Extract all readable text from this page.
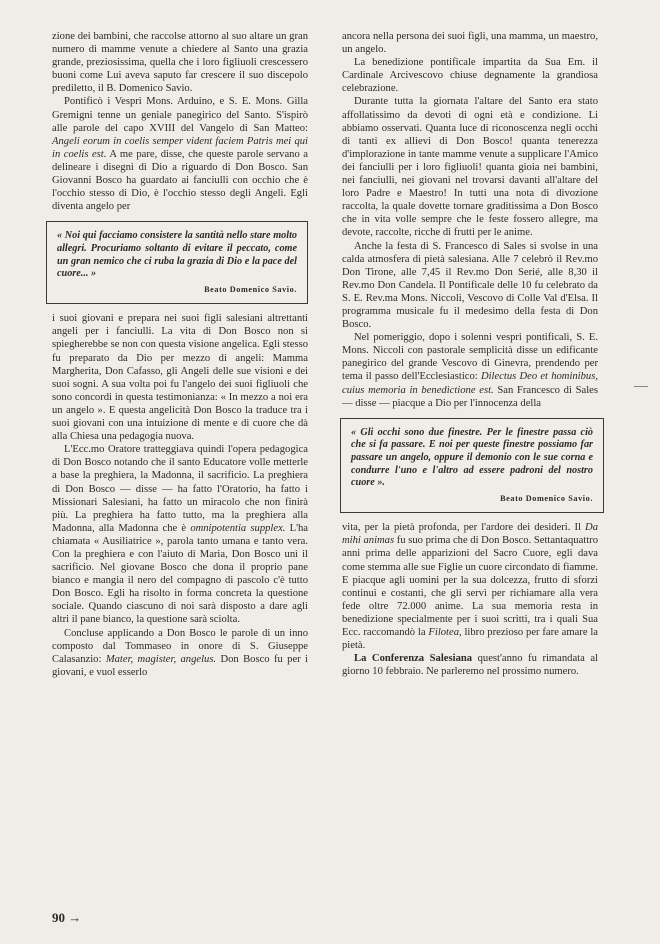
zione dei bambini, che raccolse attorno al suo altare un gran numero di mamme venute a chiedere al Santo una grazia grande, preziosissima, quella che i loro figliuoli crescessero buoni come Lui aveva saputo far crescere il suo discepolo prediletto, il B. Domenico Savio.

Pontificò i Vespri Mons. Arduino, e S. E. Mons. Gilla Gremigni tenne un geniale panegirico del Santo. S'ispirò alle parole del capo XVIII del Vangelo di San Matteo: Angeli eorum in coelis semper vident faciem Patris mei qui in coelis est. A me pare, disse, che queste parole servano a delineare i disegni di Dio a riguardo di Don Bosco. San Giovanni Bosco ha guardato ai fanciulli con occhio che è l'occhio stesso di Dio, è l'occhio stesso degli Angeli. Egli diventa angelo per

« Noi qui facciamo consistere la santità nello stare molto allegri. Procuriamo soltanto di evitare il peccato, come un gran nemico che ci ruba la grazia di Dio e la pace del cuore... »
Beato Domenico Savio.

i suoi giovani e prepara nei suoi figli salesiani altrettanti angeli per i fanciulli. La vita di Don Bosco non si spiegherebbe se non con questa visione angelica. Egli stesso fu preparato da Dio per mezzo di angeli: Mamma Margherita, Don Cafasso, gli Angeli delle sue visioni e dei suoi sogni. A sua volta poi fu l'angelo dei suoi figliuoli che sono concordi in questa testimonianza: « In mezzo a noi era un angelo ». E questa angelicità Don Bosco la traduce tra i suoi giovani con una intuizione di mente e di cuore che dà alla Chiesa una pedagogia nuova.

L'Ecc.mo Oratore tratteggiava quindi l'opera pedagogica di Don Bosco notando che il santo Educatore volle metterle a base la preghiera, la Madonna, il sacrificio. La preghiera di Don Bosco — disse — ha fatto l'Oratorio, ha fatto i Missionari Salesiani, ha fatto un miracolo che non finirà più. La preghiera ha fatto tutto, ma la preghiera alla Madonna, alla Madonna che è omnipotentia supplex. L'ha chiamata « Ausiliatrice », parola tanto umana e tanto vera. Con la preghiera e con l'aiuto di Maria, Don Bosco unì il sacrificio. Nel giovane Bosco che dona il proprio pane bianco e mangia il nero del compagno di pascolo c'è tutto Don Bosco. Egli ha risolto in forma concreta la questione sociale. Quando ciascuno di noi sarà disposto a dare agli altri il pane bianco, la questione sarà sciolta.

Concluse applicando a Don Bosco le parole di un inno composto dal Tommaseo in onore di S. Giuseppe Calasanzio: Mater, magister, angelus. Don Bosco fu per i giovani, e vuol esserlo

ancora nella persona dei suoi figli, una mamma, un maestro, un angelo.

La benedizione pontificale impartita da Sua Em. il Cardinale Arcivescovo chiuse degnamente la grandiosa celebrazione.

Durante tutta la giornata l'altare del Santo era stato affollatissimo da devoti di ogni età e condizione. Li abbiamo osservati. Quanta luce di riconoscenza negli occhi di tanti ex allievi di Don Bosco! quanta tenerezza d'implorazione in tante mamme venute a supplicare l'Amico dei fanciulli per i loro figliuoli! quanta gioia nei bambini, nei fanciulli, nei giovani nel trovarsi davanti all'altare del loro Padre e Maestro! In tutti una nota di divozione raccolta, la quale dovette tornare graditissima a Don Bosco che in vita volle sempre che le feste fossero allegre, ma devote, raccolte, ricche di frutti per le anime.

Anche la festa di S. Francesco di Sales si svolse in una calda atmosfera di pietà salesiana. Alle 7 celebrò il Rev.mo Don Tirone, alle 7,45 il Rev.mo Don Serié, alle 8,30 il Rev.mo Don Candela. Il Pontificale delle 10 fu celebrato da S. E. Rev.ma Mons. Niccoli, Vescovo di Colle Val d'Elsa. Il programma musicale fu il medesimo della festa di Don Bosco.

Nel pomeriggio, dopo i solenni vespri pontificali, S. E. Mons. Niccoli con pastorale semplicità disse un edificante panegirico del grande Vescovo di Ginevra, prendendo per tema il passo dell'Ecclesiastico: Dilectus Deo et hominibus, cuius memoria in benedictione est. San Francesco di Sales — disse — piacque a Dio per l'innocenza della

« Gli occhi sono due finestre. Per le finestre passa ciò che si fa passare. E noi per queste finestre possiamo far passare un angelo, oppure il demonio con le sue corna e condurre l'uno e l'altro ad essere padroni del nostro cuore ».
Beato Domenico Savio.

vita, per la pietà profonda, per l'ardore dei desideri. Il Da mihi animas fu suo prima che di Don Bosco. Settantaquattro anni prima delle apparizioni del Sacro Cuore, egli dava come stemma alle sue Figlie un cuore circondato di fiamme. E piacque agli uomini per la sua dolcezza, frutto di sforzi continui e costanti, che gli servì per richiamare alla vera fede oltre 72.000 anime. La sua memoria resta in benedizione specialmente per i suoi scritti, tra i quali Sua Ecc. raccomandò la Filotea, libro prezioso per fare amare la pietà.

La Conferenza Salesiana quest'anno fu rimandata al giorno 10 febbraio. Ne parleremo nel prossimo numero.

90 →
